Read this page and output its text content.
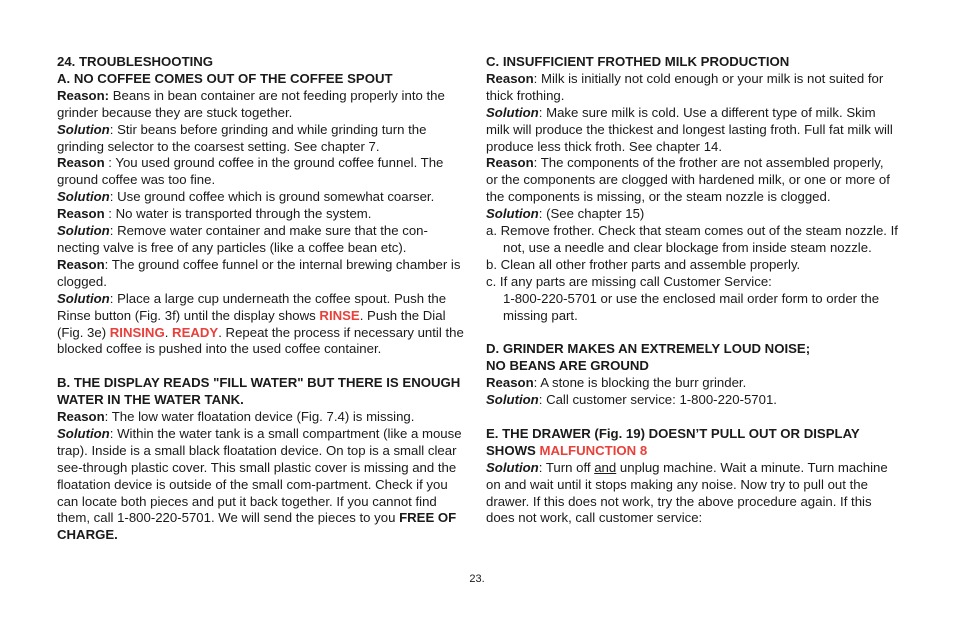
24. TROUBLESHOOTING

A. NO COFFEE COMES OUT OF THE COFFEE SPOUT

Reason: Beans in bean container are not feeding properly into the grinder because they are stuck together.

Solution: Stir beans before grinding and while grinding turn the grinding selector to the coarsest setting. See chapter 7.

Reason : You used ground coffee in the ground coffee funnel. The ground coffee was too fine.

Solution: Use ground coffee which is ground somewhat coarser.

Reason : No water is transported through the system.

Solution: Remove water container and make sure that the con-necting valve is free of any particles (like a coffee bean etc).

Reason: The ground coffee funnel or the internal brewing chamber is clogged.

Solution: Place a large cup underneath the coffee spout. Push the Rinse button (Fig. 3f) until the display shows RINSE. Push the Dial (Fig. 3e) RINSING. READY. Repeat the process if necessary until the blocked coffee is pushed into the used coffee container.

B. THE DISPLAY READS "FILL WATER" BUT THERE IS ENOUGH WATER IN THE WATER TANK.

Reason: The low water floatation device (Fig. 7.4) is missing.

Solution: Within the water tank is a small compartment (like a mouse trap). Inside is a small black floatation device. On top is a small clear see-through plastic cover. This small plastic cover is missing and the floatation device is outside of the small com-partment. Check if you can locate both pieces and put it back together. If you cannot find them, call 1-800-220-5701. We will send the pieces to you FREE OF CHARGE.

C. INSUFFICIENT FROTHED MILK PRODUCTION

Reason: Milk is initially not cold enough or your milk is not suited for thick frothing.

Solution: Make sure milk is cold. Use a different type of milk. Skim milk will produce the thickest and longest lasting froth. Full fat milk will produce less thick froth. See chapter 14.

Reason: The components of the frother are not assembled properly, or the components are clogged with hardened milk, or one or more of the components is missing, or the steam nozzle is clogged.

Solution: (See chapter 15)

a. Remove frother. Check that steam comes out of the steam nozzle. If not, use a needle and clear blockage from inside steam nozzle.

b. Clean all other frother parts and assemble properly.

c. If any parts are missing call Customer Service:

1-800-220-5701 or use the enclosed mail order form to order the missing part.

D. GRINDER MAKES AN EXTREMELY LOUD NOISE;

NO BEANS ARE GROUND

Reason: A stone is blocking the burr grinder.

Solution: Call customer service: 1-800-220-5701.

E. THE DRAWER (Fig. 19) DOESN’T PULL OUT OR DISPLAY

SHOWS MALFUNCTION 8

Solution: Turn off and unplug machine. Wait a minute. Turn machine on and wait until it stops making any noise. Now try to pull out the drawer. If this does not work, try the above procedure again. If this does not work, call customer service:

23.
